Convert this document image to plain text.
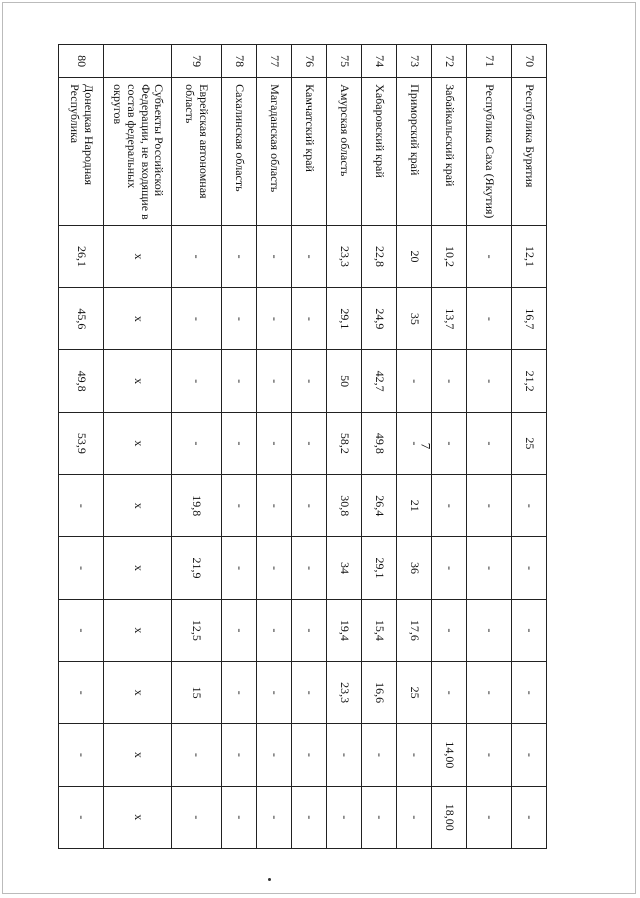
7
70	Республика Бурятия	12,1	16,7	21,2	25	-	-	-	-	-	-
71	Республика Саха (Якутия)	-	-	-	-	-	-	-	-	-	-
72	Забайкальский край	10,2	13,7	-	-	-	-	-	-	14,00	18,00
73	Приморский край	20	35	-	-	21	36	17,6	25	-	-
74	Хабаровский край	22,8	24,9	42,7	49,8	26,4	29,1	15,4	16,6	-	-
75	Амурская область	23,3	29,1	50	58,2	30,8	34	19,4	23,3	-	-
76	Камчатский край	-	-	-	-	-	-	-	-	-	-
77	Магаданская область	-	-	-	-	-	-	-	-	-	-
78	Сахалинская область	-	-	-	-	-	-	-	-	-	-
79	Еврейская автономная область	-	-	-	-	19,8	21,9	12,5	15	-	-
	Субъекты Российской Федерации, не входящие в состав федеральных округов	x	x	x	x	x	x	x	x	x	x
80	Донецкая Народная Республика	26,1	45,6	49,8	53,9	-	-	-	-	-	-
